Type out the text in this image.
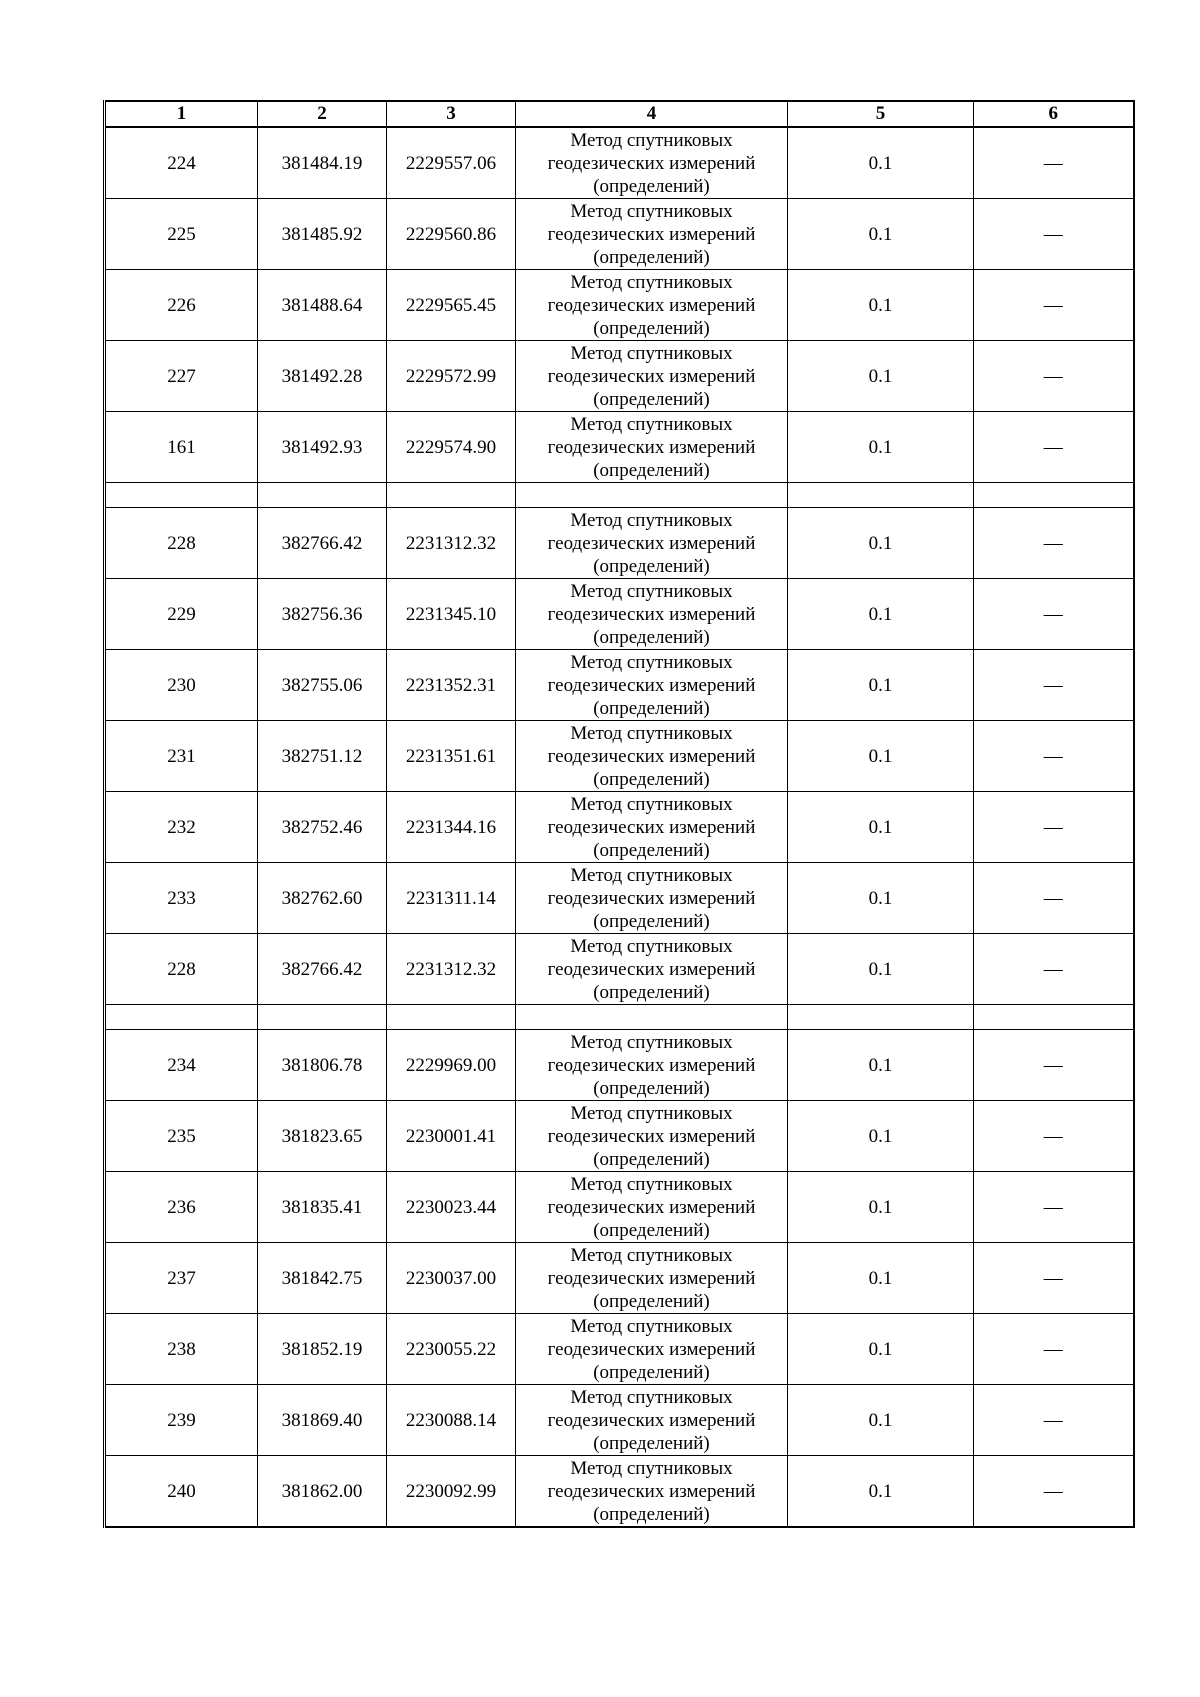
1	2	3	4	5	6
224	381484.19	2229557.06	Метод спутниковых геодезических измерений (определений)	0.1	—
225	381485.92	2229560.86	Метод спутниковых геодезических измерений (определений)	0.1	—
226	381488.64	2229565.45	Метод спутниковых геодезических измерений (определений)	0.1	—
227	381492.28	2229572.99	Метод спутниковых геодезических измерений (определений)	0.1	—
161	381492.93	2229574.90	Метод спутниковых геодезических измерений (определений)	0.1	—

228	382766.42	2231312.32	Метод спутниковых геодезических измерений (определений)	0.1	—
229	382756.36	2231345.10	Метод спутниковых геодезических измерений (определений)	0.1	—
230	382755.06	2231352.31	Метод спутниковых геодезических измерений (определений)	0.1	—
231	382751.12	2231351.61	Метод спутниковых геодезических измерений (определений)	0.1	—
232	382752.46	2231344.16	Метод спутниковых геодезических измерений (определений)	0.1	—
233	382762.60	2231311.14	Метод спутниковых геодезических измерений (определений)	0.1	—
228	382766.42	2231312.32	Метод спутниковых геодезических измерений (определений)	0.1	—

234	381806.78	2229969.00	Метод спутниковых геодезических измерений (определений)	0.1	—
235	381823.65	2230001.41	Метод спутниковых геодезических измерений (определений)	0.1	—
236	381835.41	2230023.44	Метод спутниковых геодезических измерений (определений)	0.1	—
237	381842.75	2230037.00	Метод спутниковых геодезических измерений (определений)	0.1	—
238	381852.19	2230055.22	Метод спутниковых геодезических измерений (определений)	0.1	—
239	381869.40	2230088.14	Метод спутниковых геодезических измерений (определений)	0.1	—
240	381862.00	2230092.99	Метод спутниковых геодезических измерений (определений)	0.1	—
